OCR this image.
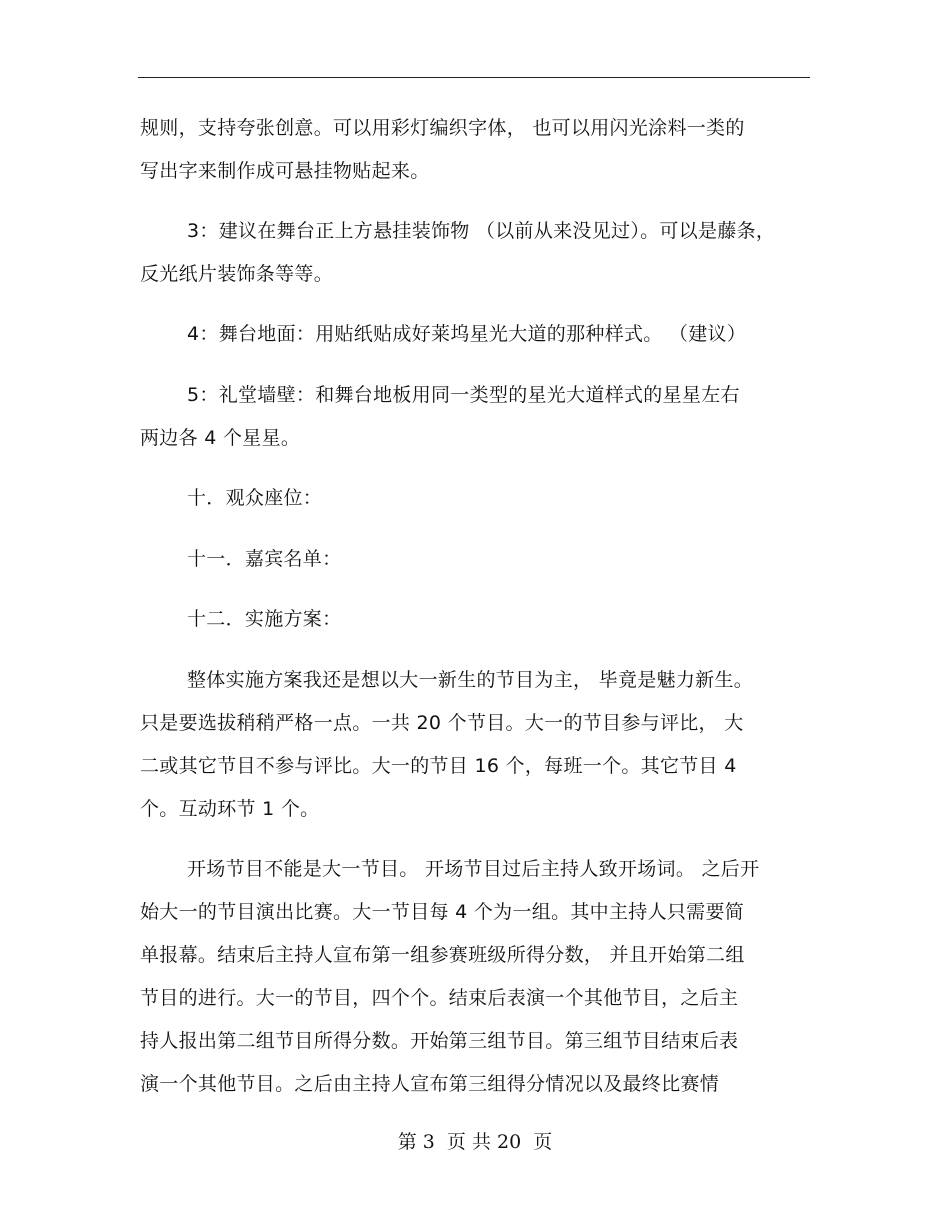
规则，支持夸张创意。可以用彩灯编织字体， 也可以用闪光涂料一类的
写出字来制作成可悬挂物贴起来。
3：建议在舞台正上方悬挂装饰物 （以前从来没见过）。可以是藤条，
反光纸片装饰条等等。
4：舞台地面：用贴纸贴成好莱坞星光大道的那种样式。 （建议）
5：礼堂墙壁：和舞台地板用同一类型的星光大道样式的星星左右
两边各 4 个星星。
十．观众座位：
十一．嘉宾名单：
十二．实施方案：
整体实施方案我还是想以大一新生的节目为主， 毕竟是魅力新生。
只是要选拔稍稍严格一点。一共 20 个节目。大一的节目参与评比， 大
二或其它节目不参与评比。大一的节目 16 个，每班一个。其它节目 4
个。互动环节 1 个。
开场节目不能是大一节目。 开场节目过后主持人致开场词。 之后开
始大一的节目演出比赛。大一节目每 4 个为一组。其中主持人只需要简
单报幕。结束后主持人宣布第一组参赛班级所得分数， 并且开始第二组
节目的进行。大一的节目，四个个。结束后表演一个其他节目，之后主
持人报出第二组节目所得分数。开始第三组节目。第三组节目结束后表
演一个其他节目。之后由主持人宣布第三组得分情况以及最终比赛情
第 3  页 共 20  页
